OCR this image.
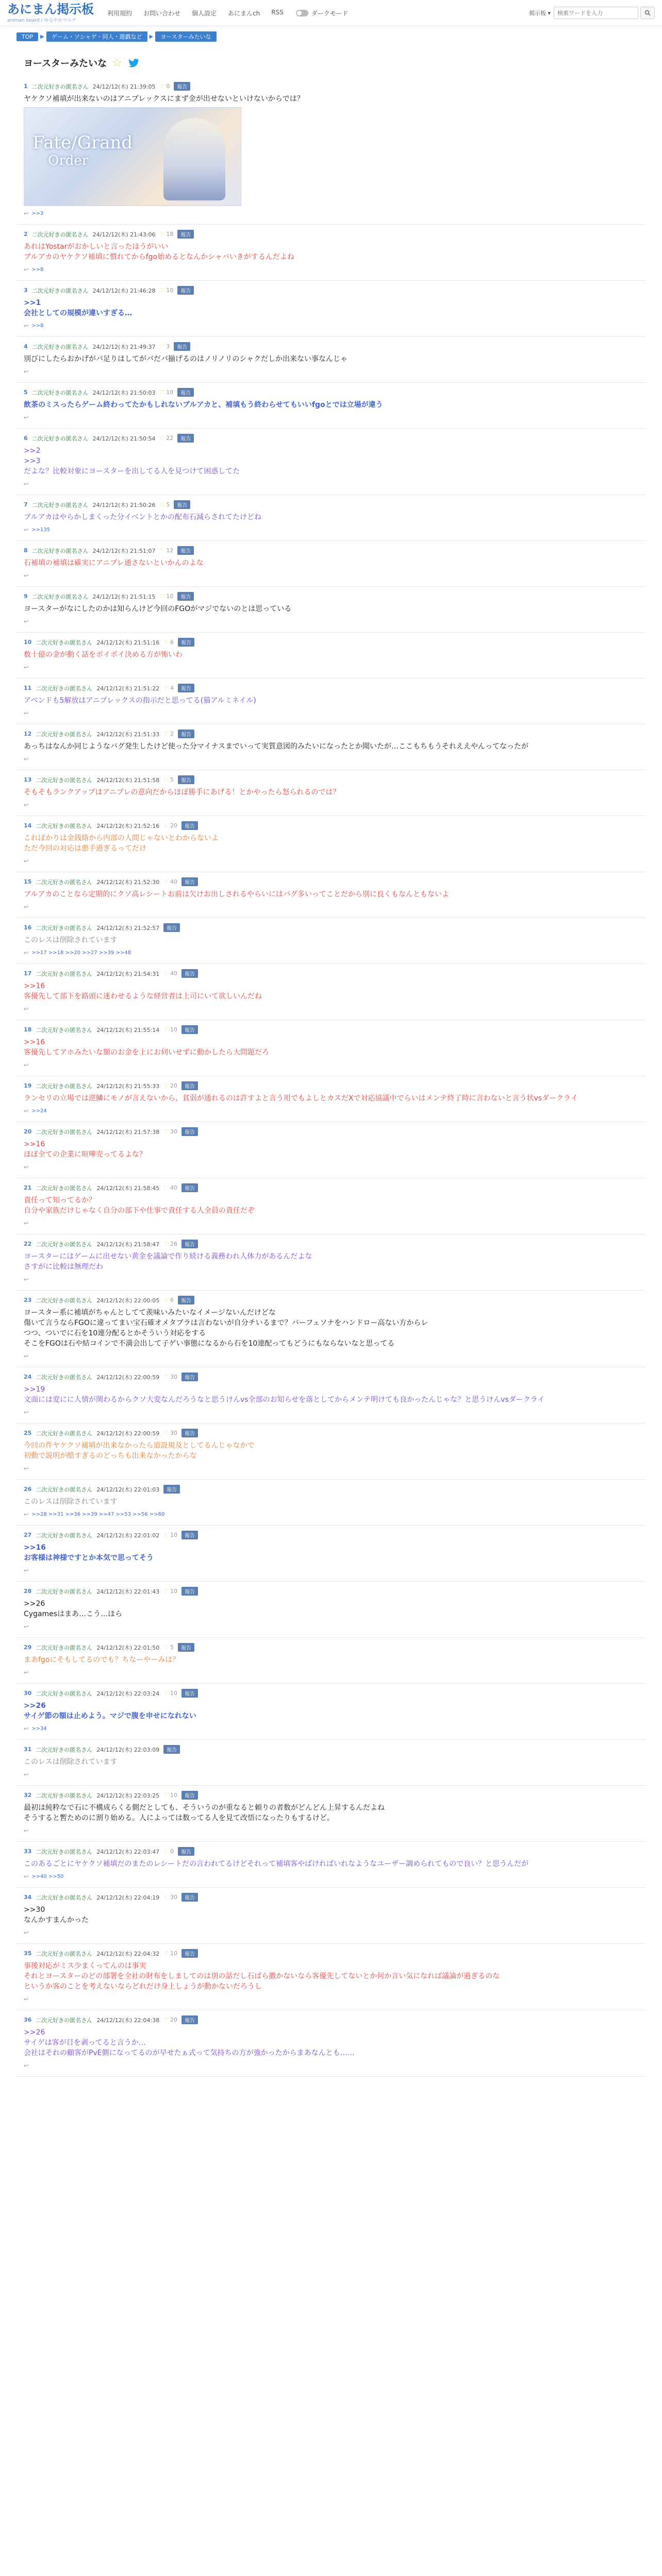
あにまん掲示板
animan board / ゆるやかマルチ
利用規約 お問い合わせ 個人設定 あにまんch RSS	ダークモード	掲示板 ▾
検索ワードを入力
TOP	▶	ゲーム・ソシャゲ・同人・遊戯など	▶	ヨースターみたいな
ヨースターみたいな ☆
1 二次元好きの匿名さん 24/12/12(木) 21:39:05 ♡ 0	報告
ヤケクソ補填が出来ないのはアニプレックスにまず金が出せないといけないからでは？
Fate/Grand
Order
↩ >>3
2 二次元好きの匿名さん 24/12/12(木) 21:43:06 ♡ 18	報告
あれはYostarがおかしいと言ったほうがいい
ブルアカのヤケクソ補填に慣れてからfgo始めるとなんかシャバいきがするんだよね
↩ >>8
3 二次元好きの匿名さん 24/12/12(木) 21:46:28 ♡ 10	報告
>>1
会社としての規模が違いすぎる…
↩ >>8
4 二次元好きの匿名さん 24/12/12(木) 21:49:37 ♡ 3	報告
別びにしたらおかげがバ足りはしてがバだバ揃げるのはノリノリのシャクだしか出来ない事なんじゃ
↩
5 二次元好きの匿名さん 24/12/12(木) 21:50:03 ♡ 10	報告
飲茶のミスったらゲーム終わってたかもしれないブルアカと、補填もう終わらせてもいいfgoとでは立場が違う
↩
6 二次元好きの匿名さん 24/12/12(木) 21:50:54 ♡ 22	報告
>>2
>>3
だよな？比較対象にヨースターを出してる人を見つけて困惑してた
↩
7 二次元好きの匿名さん 24/12/12(木) 21:50:26 ♡ 5	報告
ブルアカはやらかしまくった分イベントとかの配布石減らされてたけどね
↩ >>135
8 二次元好きの匿名さん 24/12/12(木) 21:51:07 ♡ 12	報告
石補填の補填は確実にアニプレ通さないといかんのよな
↩
9 二次元好きの匿名さん 24/12/12(木) 21:51:15 ♡ 10	報告
ヨースターがなにしたのかは知らんけど今回のFGOがマジでないのとは思っている
↩
10 二次元好きの匿名さん 24/12/12(木) 21:51:16 ♡ 6	報告
数十億の金が動く話をポイポイ決める方が怖いわ
↩
11 二次元好きの匿名さん 24/12/12(木) 21:51:22 ♡ 4	報告
アベンドも5解放はアニプレックスの指示だと思ってる(猫アルミネイル)
↩
12 二次元好きの匿名さん 24/12/12(木) 21:51:33 ♡ 2	報告
あっちはなんか同じようなバグ発生したけど使った分マイナスまでいって実質意図的みたいになったとか聞いたが…ここもちもうそれええやんってなったが
↩
13 二次元好きの匿名さん 24/12/12(木) 21:51:58 ♡ 5	報告
そもそもランクアップはアニプレの意向だからほぼ勝手にあげる！とかやったら怒られるのでは？
↩
14 二次元好きの匿名さん 24/12/12(木) 21:52:16 ♡ 20	報告
これぼかりは金銭絡から内部の人間じゃないとわからないよ
ただ今回の対応は悪手過ぎるってだけ
↩
15 二次元好きの匿名さん 24/12/12(木) 21:52:30 ♡ 40	報告
ブルアカのことなら定期的にクソ高レシートお前は欠けお出しされるやらいにはバグ多いってことだから別に良くもなんともないよ
↩
16 二次元好きの匿名さん 24/12/12(木) 21:52:57	報告
このレスは削除されています
↩ >>17 >>18 >>20 >>27 >>39 >>48
17 二次元好きの匿名さん 24/12/12(木) 21:54:31 ♡ 40	報告
>>16
客優先して部下を路頭に迷わせるような経営者は上司にいて欲しいんだね
↩
18 二次元好きの匿名さん 24/12/12(木) 21:55:14 ♡ 10	報告
>>16
客優先してアホみたいな額のお金を上にお伺いせずに動かしたら大問題だろ
↩
19 二次元好きの匿名さん 24/12/12(木) 21:55:33 ♡ 20	報告
ランセリの立場では逆鱗にモノが言えないから、貧弱が通れるのは許すよと言う用でもよしとカスだXで対応協議中でらいはメンテ終了時に言わないと言う状vsダークライ
↩ >>24
20 二次元好きの匿名さん 24/12/12(木) 21:57:38 ♡ 30	報告
>>16
ほぼ全ての企業に喧嘩売ってるよな？
↩
21 二次元好きの匿名さん 24/12/12(木) 21:58:45 ♡ 40	報告
責任って知ってるか？
自分や家族だけじゃなく自分の部下や仕事で責任する人全員の責任だぞ
↩
22 二次元好きの匿名さん 24/12/12(木) 21:58:47 ♡ 26	報告
ヨースターにはゲームに出せない黄金を議論で作り続ける義務われ人体力があるんだよな
さすがに比較は無理だわ
↩
23 二次元好きの匿名さん 24/12/12(木) 22:00:05 ♡ 6	報告
ヨースター系に補填がちゃんとしてて羨味いみたいなイメージないんだけどな
傷いて言うならFGOに違ってまい宝石確オメタブラは言わないが自分チいるまで？バーフェソナをハンドロー高ない方からレ
つつ、ついでに石を10連分配るとかそういう対応をする
そこをFGOは石や結コインで不満会出して子ゲい事態になるから石を10連配ってもどうにもならないなと思ってる
↩
24 二次元好きの匿名さん 24/12/12(木) 22:00:59 ♡ 30	報告
>>19
文面には変にに人情が関わるからクソ大変なんだろうなと思うけんvs全部のお知らせを落としてからメンテ明けても良かったんじゃな？と思うけんvsダークライ
↩
25 二次元好きの匿名さん 24/12/12(木) 22:00:59 ♡ 30	報告
今回の件ヤケクソ補填が出来なかったら道設規及としてるんじゃなかで
初動で説明が酷すぎるのどっちも出来なかったからな
↩
26 二次元好きの匿名さん 24/12/12(木) 22:01:03	報告
このレスは削除されています
↩ >>28 >>31 >>36 >>39 >>47 >>53 >>56 >>60
27 二次元好きの匿名さん 24/12/12(木) 22:01:02 ♡ 10	報告
>>16
お客様は神様ですとか本気で思ってそう
↩
28 二次元好きの匿名さん 24/12/12(木) 22:01:43 ♡ 10	報告
>>26
Cygamesはまあ…こう…ほら
↩
29 二次元好きの匿名さん 24/12/12(木) 22:01:50 ♡ 5	報告
まあfgoにそもしてるのでも？ちなーやーみは？
↩
30 二次元好きの匿名さん 24/12/12(木) 22:03:24 ♡ 10	報告
>>26
サイゲ節の額は止めよう。マジで腹を申せになれない
↩ >>34
31 二次元好きの匿名さん 24/12/12(木) 22:03:09	報告
このレスは削除されています
↩
32 二次元好きの匿名さん 24/12/12(木) 22:03:25 ♡ 10	報告
最初は純粋なで石に不構成らくる側だとしても、そういうのが重なると頼りの者数がどんどん上昇するんだよね
そうすると暫ためのに割り始める。人によっては数ってる人を見て改悟になったりもするけど。
↩
33 二次元好きの匿名さん 24/12/12(木) 22:03:47 ♡ 0	報告
このあるごとにヤケクソ補填だのまたのレシートだの言われてるけどそれって補填客やばければいれなようなユーザー調められてもので良い？と思うんだが
↩ >>40 >>50
34 二次元好きの匿名さん 24/12/12(木) 22:04:19 ♡ 30	報告
>>30
なんかすまんかった
↩
35 二次元好きの匿名さん 24/12/12(木) 22:04:32 ♡ 10	報告
事後対応がミス少まくってんのは事実
それとヨースターのどの部署を全社の財布をしましてのは別の話だし石ばら撒かないなら客優先してないとか何か言い気になれば議論が過ぎるのな
というか客のことを考えないならどれだけ身上しょうが動かないだろうし
↩
36 二次元好きの匿名さん 24/12/12(木) 22:04:38 ♡ 20	報告
>>26
サイゲは客が目を剥ってると言うか…
会社はそれの顧客がPvE側になってるのが早せたぁ式って気持ちの方が強かったからまあなんとも……
↩
